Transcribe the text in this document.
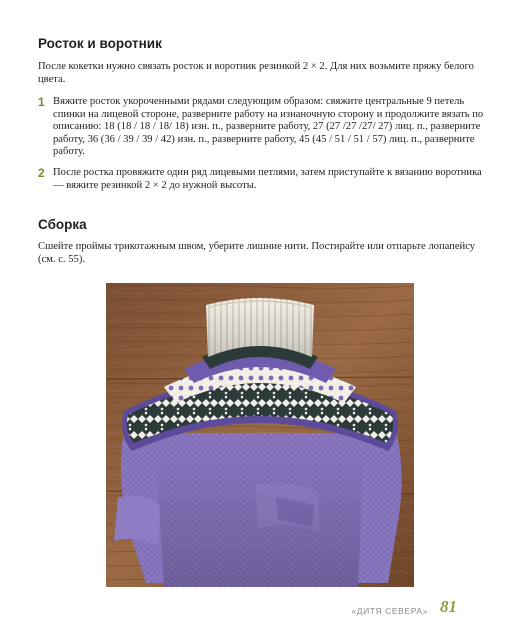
Росток и воротник

После кокетки нужно связать росток и воротник резинкой 2 × 2. Для них возьмите пряжу белого цвета.

1 Вяжите росток укороченными рядами следующим образом: свяжите центральные 9 петель спинки на лицевой стороне, разверните работу на изнаночную сторону и продолжите вязать по описанию: 18 (18 / 18 / 18/ 18) изн. п., разверните работу, 27 (27 /27 /27/ 27) лиц. п., разверните работу, 36 (36 / 39 / 39 / 42) изн. п., разверните работу, 45 (45 / 51 / 51 / 57) лиц. п., разверните работу.

2 После ростка провяжите один ряд лицевыми петлями, затем приступайте к вязанию воротника — вяжите резинкой 2 × 2 до нужной высоты.

Сборка

Сшейте проймы трикотажным швом, уберите лишние нити. Постирайте или отпарьте лопапейсу (см. с. 55).

«ДИТЯ СЕВЕРА» 81
